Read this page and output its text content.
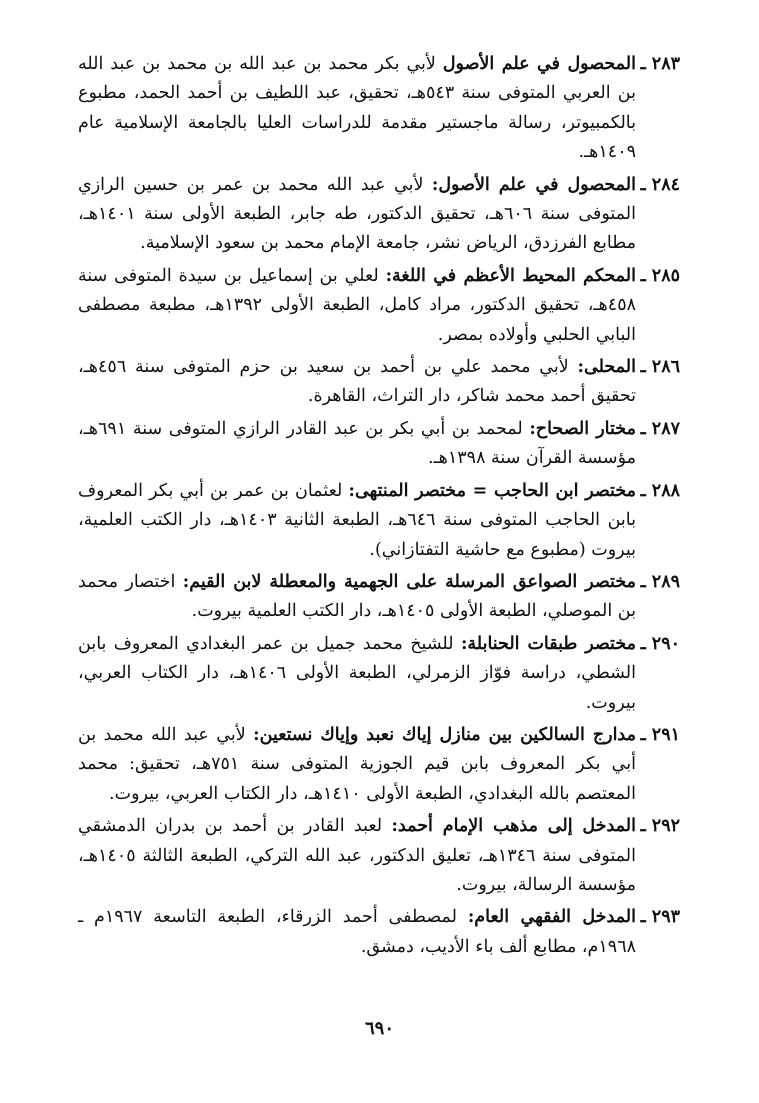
٢٨٣ ـ
المحصول في علم الأصول لأبي بكر محمد بن عبد الله بن محمد بن عبد الله بن العربي المتوفى سنة ٥٤٣هـ، تحقيق، عبد اللطيف بن أحمد الحمد، مطبوع بالكمبيوتر، رسالة ماجستير مقدمة للدراسات العليا بالجامعة الإسلامية عام ١٤٠٩هـ.

٢٨٤ ـ
المحصول في علم الأصول: لأبي عبد الله محمد بن عمر بن حسين الرازي المتوفى سنة ٦٠٦هـ، تحقيق الدكتور، طه جابر، الطبعة الأولى سنة ١٤٠١هـ، مطابع الفرزدق، الرياض نشر، جامعة الإمام محمد بن سعود الإسلامية.

٢٨٥ ـ
المحكم المحيط الأعظم في اللغة: لعلي بن إسماعيل بن سيدة المتوفى سنة ٤٥٨هـ، تحقيق الدكتور، مراد كامل، الطبعة الأولى ١٣٩٢هـ، مطبعة مصطفى البابي الحلبي وأولاده بمصر.

٢٨٦ ـ
المحلى: لأبي محمد علي بن أحمد بن سعيد بن حزم المتوفى سنة ٤٥٦هـ، تحقيق أحمد محمد شاكر، دار التراث، القاهرة.

٢٨٧ ـ
مختار الصحاح: لمحمد بن أبي بكر بن عبد القادر الرازي المتوفى سنة ٦٩١هـ، مؤسسة القرآن سنة ١٣٩٨هـ.

٢٨٨ ـ
مختصر ابن الحاجب = مختصر المنتهى: لعثمان بن عمر بن أبي بكر المعروف بابن الحاجب المتوفى سنة ٦٤٦هـ، الطبعة الثانية ١٤٠٣هـ، دار الكتب العلمية، بيروت (مطبوع مع حاشية التفتازاني).

٢٨٩ ـ
مختصر الصواعق المرسلة على الجهمية والمعطلة لابن القيم: اختصار محمد بن الموصلي، الطبعة الأولى ١٤٠٥هـ، دار الكتب العلمية بيروت.

٢٩٠ ـ
مختصر طبقات الحنابلة: للشيخ محمد جميل بن عمر البغدادي المعروف بابن الشطي، دراسة فوّاز الزمرلي، الطبعة الأولى ١٤٠٦هـ، دار الكتاب العربي، بيروت.

٢٩١ ـ
مدارج السالكين بين منازل إياك نعبد وإياك نستعين: لأبي عبد الله محمد بن أبي بكر المعروف بابن قيم الجوزية المتوفى سنة ٧٥١هـ، تحقيق: محمد المعتصم بالله البغدادي، الطبعة الأولى ١٤١٠هـ، دار الكتاب العربي، بيروت.

٢٩٢ ـ
المدخل إلى مذهب الإمام أحمد: لعبد القادر بن أحمد بن بدران الدمشقي المتوفى سنة ١٣٤٦هـ، تعليق الدكتور، عبد الله التركي، الطبعة الثالثة ١٤٠٥هـ، مؤسسة الرسالة، بيروت.

٢٩٣ ـ
المدخل الفقهي العام: لمصطفى أحمد الزرقاء، الطبعة التاسعة ١٩٦٧م ـ ١٩٦٨م، مطابع ألف باء الأديب، دمشق.

٦٩٠
